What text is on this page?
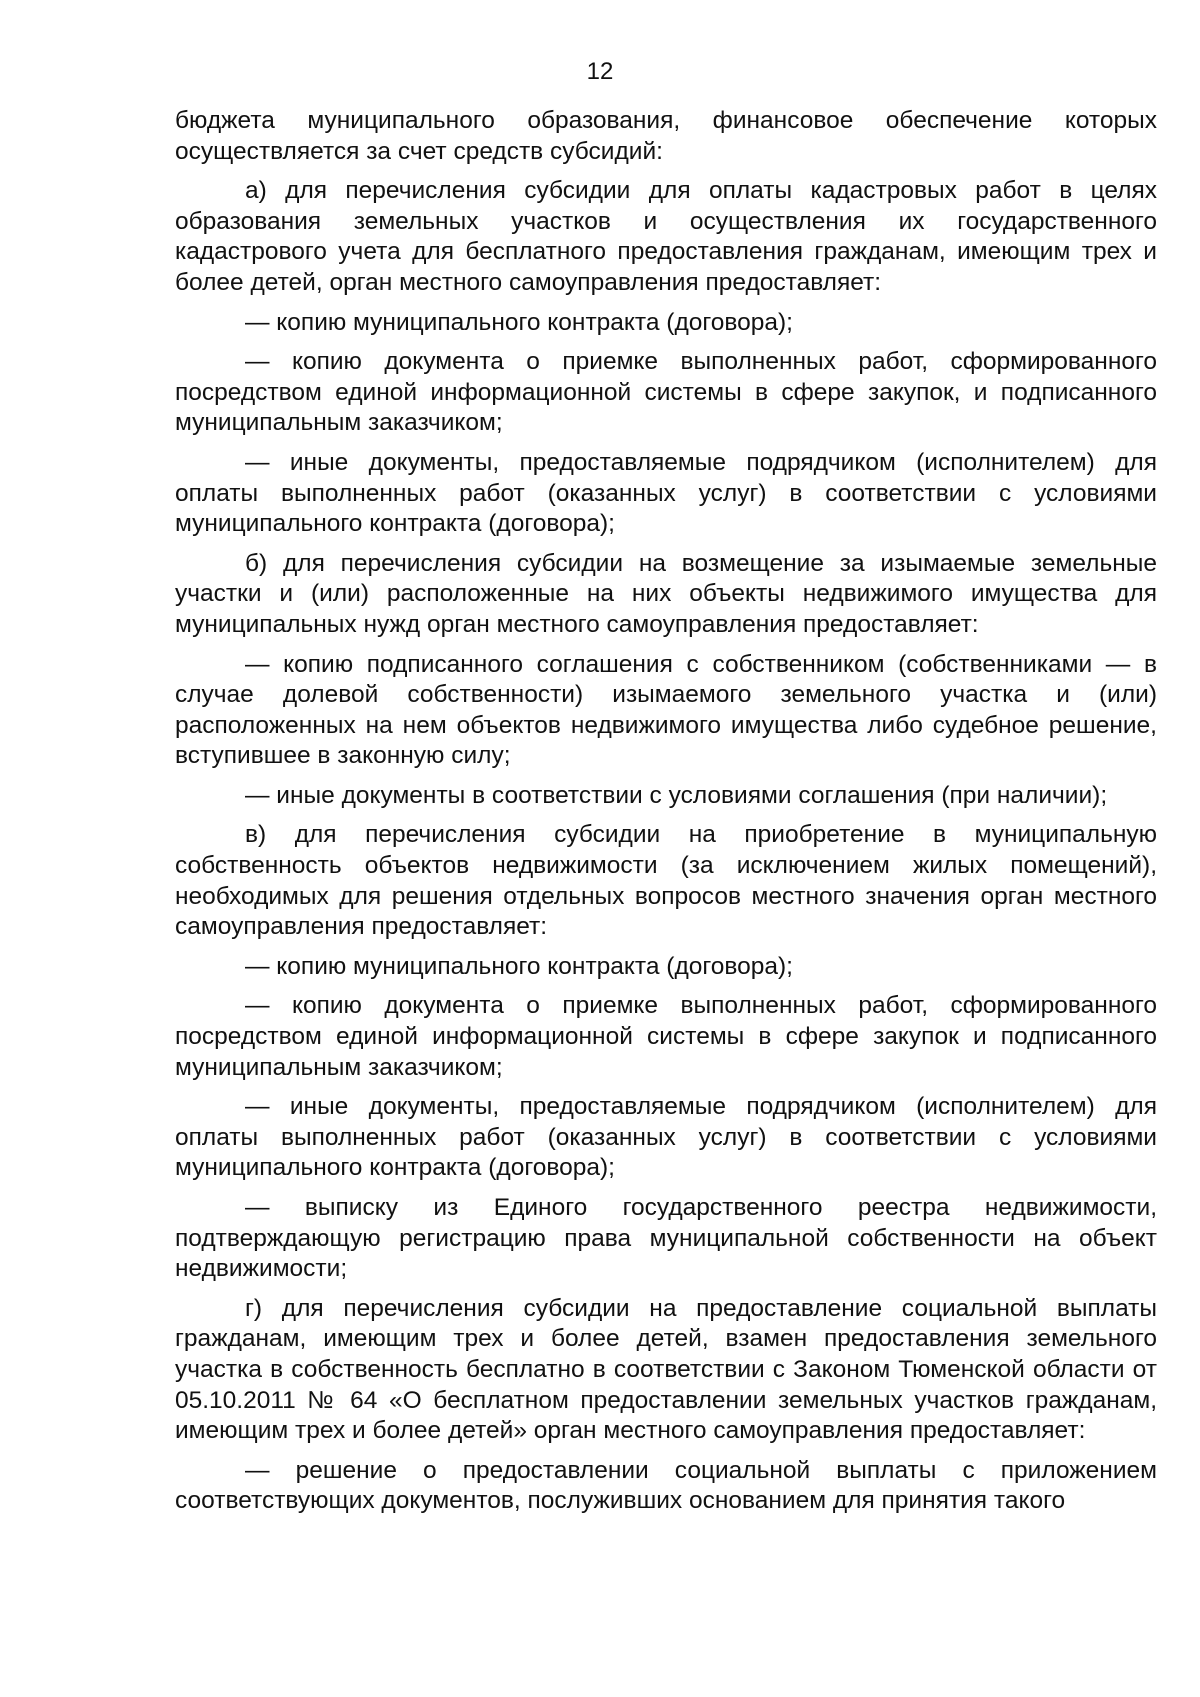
12

бюджета муниципального образования, финансовое обеспечение которых осуществляется за счет средств субсидий:

а) для перечисления субсидии для оплаты кадастровых работ в целях образования земельных участков и осуществления их государственного кадастрового учета для бесплатного предоставления гражданам, имеющим трех и более детей, орган местного самоуправления предоставляет:

— копию муниципального контракта (договора);

— копию документа о приемке выполненных работ, сформированного посредством единой информационной системы в сфере закупок, и подписанного муниципальным заказчиком;

— иные документы, предоставляемые подрядчиком (исполнителем) для оплаты выполненных работ (оказанных услуг) в соответствии с условиями муниципального контракта (договора);

б) для перечисления субсидии на возмещение за изымаемые земельные участки и (или) расположенные на них объекты недвижимого имущества для муниципальных нужд орган местного самоуправления предоставляет:

— копию подписанного соглашения с собственником (собственниками — в случае долевой собственности) изымаемого земельного участка и (или) расположенных на нем объектов недвижимого имущества либо судебное решение, вступившее в законную силу;

— иные документы в соответствии с условиями соглашения (при наличии);

в) для перечисления субсидии на приобретение в муниципальную собственность объектов недвижимости (за исключением жилых помещений), необходимых для решения отдельных вопросов местного значения орган местного самоуправления предоставляет:

— копию муниципального контракта (договора);

— копию документа о приемке выполненных работ, сформированного посредством единой информационной системы в сфере закупок и подписанного муниципальным заказчиком;

— иные документы, предоставляемые подрядчиком (исполнителем) для оплаты выполненных работ (оказанных услуг) в соответствии с условиями муниципального контракта (договора);

— выписку из Единого государственного реестра недвижимости, подтверждающую регистрацию права муниципальной собственности на объект недвижимости;

г) для перечисления субсидии на предоставление социальной выплаты гражданам, имеющим трех и более детей, взамен предоставления земельного участка в собственность бесплатно в соответствии с Законом Тюменской области от 05.10.2011 № 64 «О бесплатном предоставлении земельных участков гражданам, имеющим трех и более детей» орган местного самоуправления предоставляет:

— решение о предоставлении социальной выплаты с приложением соответствующих документов, послуживших основанием для принятия такого
